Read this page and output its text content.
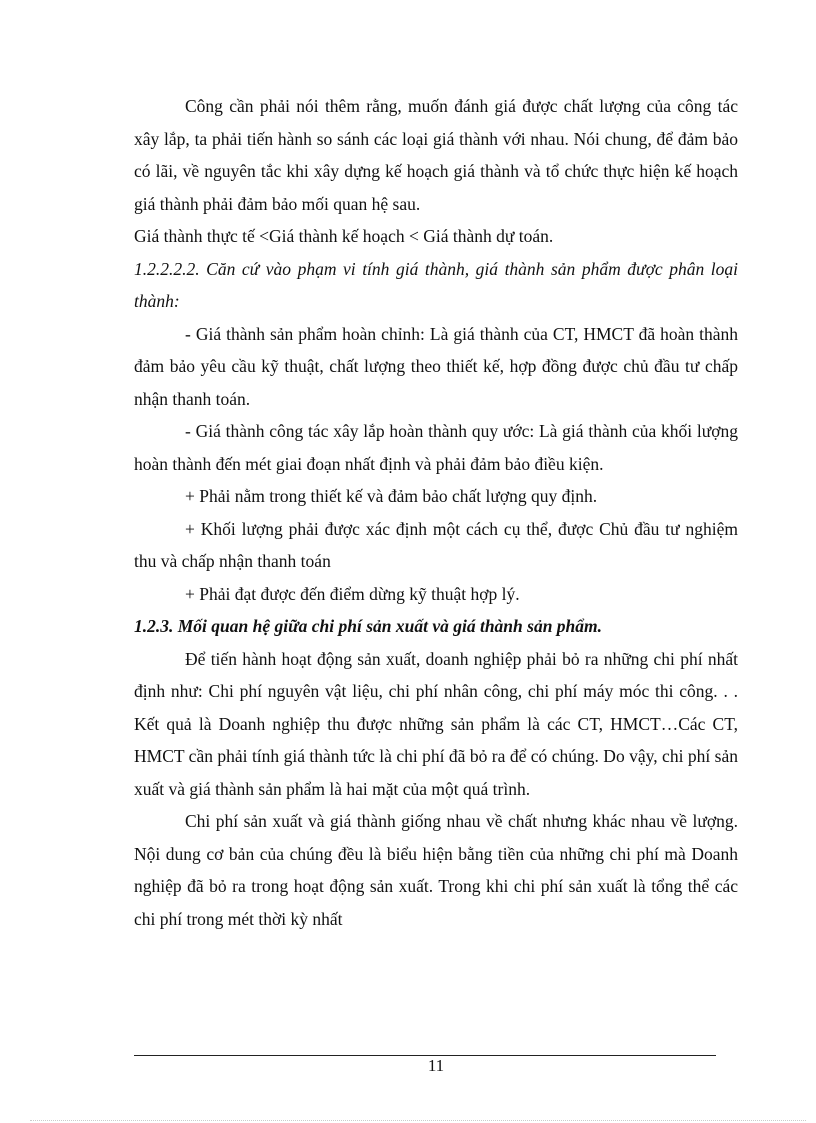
Công cần phải nói thêm rằng, muốn đánh giá được chất lượng của công tác xây lắp, ta phải tiến hành so sánh các loại giá thành với nhau. Nói chung, để đảm bảo có lãi, về nguyên tắc khi xây dựng kế hoạch giá thành và tổ chức thực hiện kế hoạch giá thành phải đảm bảo mối quan hệ sau.

Giá thành thực tế <Giá thành kế hoạch < Giá thành dự toán.

1.2.2.2.2. Căn cứ vào phạm vi tính giá thành, giá thành sản phẩm được phân loại thành:

- Giá thành sản phẩm hoàn chỉnh: Là giá thành của CT, HMCT đã hoàn thành đảm bảo yêu cầu kỹ thuật, chất lượng theo thiết kế, hợp đồng được chủ đầu tư chấp nhận thanh toán.

- Giá thành công tác xây lắp hoàn thành quy ước: Là giá thành của khối lượng hoàn thành đến mét giai đoạn nhất định và phải đảm bảo điều kiện.

+ Phải nằm trong thiết kế và đảm bảo chất lượng quy định.

+ Khối lượng phải được xác định một cách cụ thể, được Chủ đầu tư nghiệm thu và chấp nhận thanh toán

+ Phải đạt được đến điểm dừng kỹ thuật hợp lý.

1.2.3. Mối quan hệ giữa chi phí sản xuất và giá thành sản phẩm.

Để tiến hành hoạt động sản xuất, doanh nghiệp phải bỏ ra những chi phí nhất định như: Chi phí nguyên vật liệu, chi phí nhân công, chi phí máy móc thi công. . . Kết quả là Doanh nghiệp thu được những sản phẩm là các CT, HMCT…Các CT, HMCT cần phải tính giá thành tức là chi phí đã bỏ ra để có chúng. Do vậy, chi phí sản xuất và giá thành sản phẩm là hai mặt của một quá trình.

Chi phí sản xuất và giá thành giống nhau về chất nhưng khác nhau về lượng. Nội dung cơ bản của chúng đều là biểu hiện bằng tiền của những chi phí mà Doanh nghiệp đã bỏ ra trong hoạt động sản xuất. Trong khi chi phí sản xuất là tổng thể các chi phí trong mét thời kỳ nhất

11
